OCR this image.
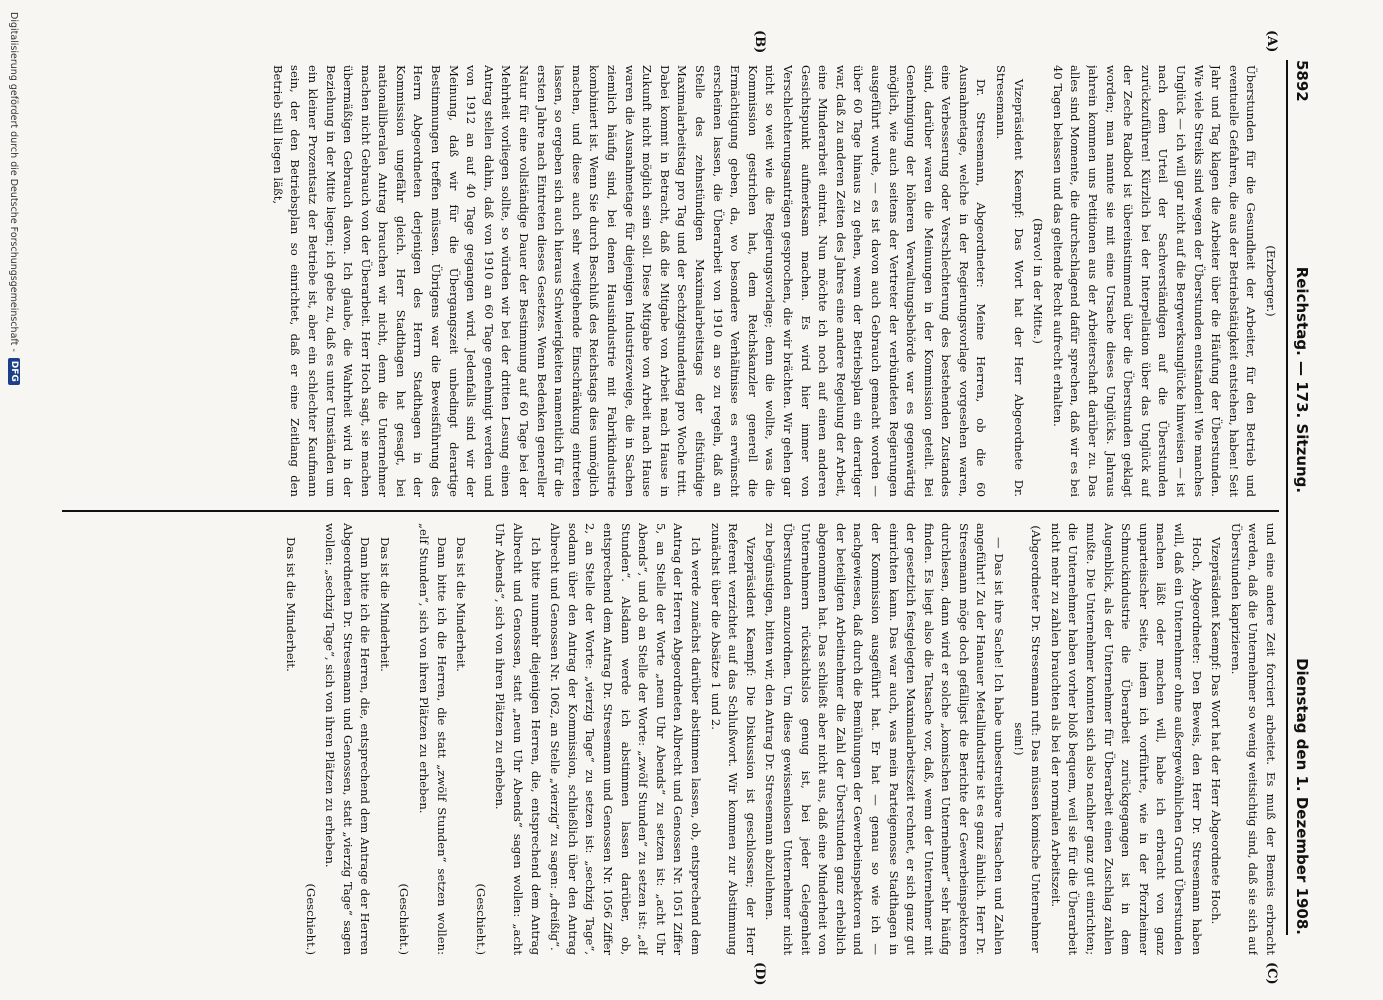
5892
Reichstag. — 173. Sitzung.
Dienstag den 1. Dezember 1908.
(A)
(B)
(C)
(D)

(Erzberger.)

Überstunden für die Gesundheit der Arbeiter, für den Betrieb und eventuelle Gefahren, die aus der Betriebstätigkeit entstehen, haben! Seit Jahr und Tag klagen die Arbeiter über die Häufung der Überstunden. Wie viele Streiks sind wegen der Überstunden entstanden! Wie manches Unglück — ich will gar nicht auf die Bergwerksunglücke hinweisen — ist nach dem Urteil der Sachverständigen auf die Überstunden zurückzuführen! Kürzlich bei der Interpellation über das Unglück auf der Zeche Radbod ist übereinstimmend über die Überstunden geklagt worden; man nannte sie mit eine Ursache dieses Unglücks. Jahraus jahrein kommen uns Petitionen aus der Arbeiterschaft darüber zu. Das alles sind Momente, die durchschlagend dafür sprechen, daß wir es bei 40 Tagen belassen und das geltende Recht aufrecht erhalten.

(Bravo! in der Mitte.)

Vizepräsident Kaempf: Das Wort hat der Herr Abgeordnete Dr. Stresemann.

Dr. Stresemann, Abgeordneter: Meine Herren, ob die 60 Ausnahmetage, welche in der Regierungsvorlage vorgesehen waren, eine Verbesserung oder Verschlechterung des bestehenden Zustandes sind, darüber waren die Meinungen in der Kommission geteilt. Bei Genehmigung der höheren Verwaltungsbehörde war es gegenwärtig möglich, wie auch seitens der Vertreter der verbündeten Regierungen ausgeführt wurde, — es ist davon auch Gebrauch gemacht worden — über 60 Tage hinaus zu gehen, wenn der Betriebsplan ein derartiger war, daß zu anderen Zeiten des Jahres eine andere Regelung der Arbeit, eine Minderarbeit eintrat. Nun möchte ich noch auf einen anderen Gesichtspunkt aufmerksam machen. Es wird hier immer von Verschlechterungsanträgen gesprochen, die wir brächten. Wir gehen gar nicht so weit wie die Regierungsvorlage; denn die wollte, was die Kommission gestrichen hat, dem Reichskanzler generell die Ermächtigung geben, da, wo besondere Verhältnisse es erwünscht erscheinen lassen, die Überarbeit von 1910 an so zu regeln, daß an Stelle des zehnstündigen Maximalarbeitstags der elfstündige Maximalarbeitstag pro Tag und der Sechzigstundentag pro Woche tritt. Dabei kommt in Betracht, daß die Mitgabe von Arbeit nach Hause in Zukunft nicht möglich sein soll. Diese Mitgabe von Arbeit nach Hause waren die Ausnahmetage für diejenigen Industriezweige, die in Sachen ziemlich häufig sind, bei denen Hausindustrie mit Fabrikindustrie kombiniert ist. Wenn Sie durch Beschluß des Reichstags dies unmöglich machen, und diese auch sehr weitgehende Einschränkung eintreten lassen, so ergeben sich auch hieraus Schwierigkeiten namentlich für die ersten Jahre nach Eintreten dieses Gesetzes. Wenn Bedenken genereller Natur für eine vollständige Dauer der Bestimmung auf 60 Tage bei der Mehrheit vorliegen sollte, so würden wir bei der dritten Lesung einen Antrag stellen dahin, daß von 1910 an 60 Tage genehmigt werden und von 1912 an auf 40 Tage gegangen wird. Jedenfalls sind wir der Meinung, daß wir für die Übergangszeit unbedingt derartige Bestimmungen treffen müssen. Übrigens war die Beweisführung des Herrn Abgeordneten derjenigen des Herrn Stadthagen in der Kommission ungefähr gleich. Herr Stadthagen hat gesagt, bei nationalliberalen Antrag brauchen wir nicht, denn die Unternehmer machen nicht Gebrauch von der Überarbeit. Herr Hoch sagt, sie machen übermäßigen Gebrauch davon. Ich glaube, die Wahrheit wird in der Beziehung in der Mitte liegen; ich gebe zu, daß es unter Umständen um ein kleiner Prozentsatz der Betriebe ist, aber ein schlechter Kaufmann sein, der den Betriebsplan so einrichtet, daß er eine Zeitlang den Betrieb still liegen läßt,

und eine andere Zeit forciert arbeitet. Es muß der Bemeis erbracht werden, daß die Unternehmer so wenig weitsichtig sind, daß sie sich auf Überstunden kaprizieren.

Vizepräsident Kaempf: Das Wort hat der Herr Abgeordnete Hoch.

Hoch, Abgeordneter: Den Beweis, den Herr Dr. Stresemann haben will, daß ein Unternehmer ohne außergewöhnlichen Grund Überstunden machen läßt oder machen will, habe ich erbracht von ganz unparteiischer Seite, indem ich vorführte, wie in der Pforzheimer Schmuckindustrie die Überarbeit zurückgegangen ist in dem Augenblick, als der Unternehmer für Überarbeit einen Zuschlag zahlen mußte. Die Unternehmer konnten sich also nachher ganz gut einrichten; die Unternehmer haben vorher bloß bequem, weil sie für die Überarbeit nicht mehr zu zahlen brauchten als bei der normalen Arbeitszeit.

(Abgeordneter Dr. Stresemann ruft: Das müssen komische Unternehmer sein!)

— Das ist ihre Sache! Ich habe unbestreitbare Tatsachen und Zahlen angeführt! Zu der Hanauer Metallindustrie ist es ganz ähnlich. Herr Dr. Stresemann möge doch gefälligst die Berichte der Gewerbeinspektoren durchlesen, dann wird er solche „komischen Unternehmer“ sehr häufig finden. Es liegt also die Tatsache vor, daß, wenn der Unternehmer mit der gesetzlich festgelegten Maximalarbeitszeit rechnet, er sich ganz gut einrichten kann. Das war auch, was mein Parteigenosse Stadthagen in der Kommission ausgeführt hat. Er hat — genau so wie ich — nachgewiesen, daß durch die Bemühungen der Gewerbeinspektoren und der beteiligten Arbeitnehmer die Zahl der Überstunden ganz erheblich abgenommen hat. Das schließt aber nicht aus, daß eine Minderheit von Unternehmern rücksichtslos genug ist, bei jeder Gelegenheit Überstunden anzuordnen. Um diese gewissenlosen Unternehmer nicht zu begünstigen, bitten wir, den Antrag Dr. Stresemann abzulehnen.

Vizepräsident Kaempf: Die Diskussion ist geschlossen; der Herr Referent verzichtet auf das Schlußwort. Wir kommen zur Abstimmung zunächst über die Absätze 1 und 2.

Ich werde zunächst darüber abstimmen lassen, ob, entsprechend dem Antrag der Herren Abgeordneten Albrecht und Genossen Nr. 1051 Ziffer 5, an Stelle der Worte „neun Uhr Abends“ zu setzen ist: „acht Uhr Abends“, und ob an Stelle der Worte: „zwölf Stunden“ zu setzen ist: „elf Stunden“. Alsdann werde ich abstimmen lassen darüber, ob, entsprechend dem Antrag Dr. Stresemann und Genossen Nr. 1056 Ziffer 2, an Stelle der Worte: „vierzig Tage“ zu setzen ist: „sechzig Tage“, sodann über den Antrag der Kommission, schließlich über den Antrag Albrecht und Genossen Nr. 1062, an Stelle „vierzig“ zu sagen: „dreißig“.

Ich bitte nunmehr diejenigen Herren, die, entsprechend dem Antrag Albrecht und Genossen, statt „neun Uhr Abends“ sagen wollen: „acht Uhr Abends“, sich von ihren Plätzen zu erheben.

(Geschieht.)

Das ist die Minderheit.

Dann bitte ich die Herren, die statt „zwölf Stunden“ setzen wollen: „elf Stunden“, sich von ihren Plätzen zu erheben.

(Geschieht.)

Das ist die Minderheit.

Dann bitte ich die Herren, die, entsprechend dem Antrage der Herren Abgeordneten Dr. Stresemann und Genossen, statt „vierzig Tage“ sagen wollen: „sechzig Tage“, sich von ihren Plätzen zu erheben.

(Geschieht.)

Das ist die Minderheit.

Digitalisierung gefördert durch die Deutsche Forschungsgemeinschaft -
DFG
